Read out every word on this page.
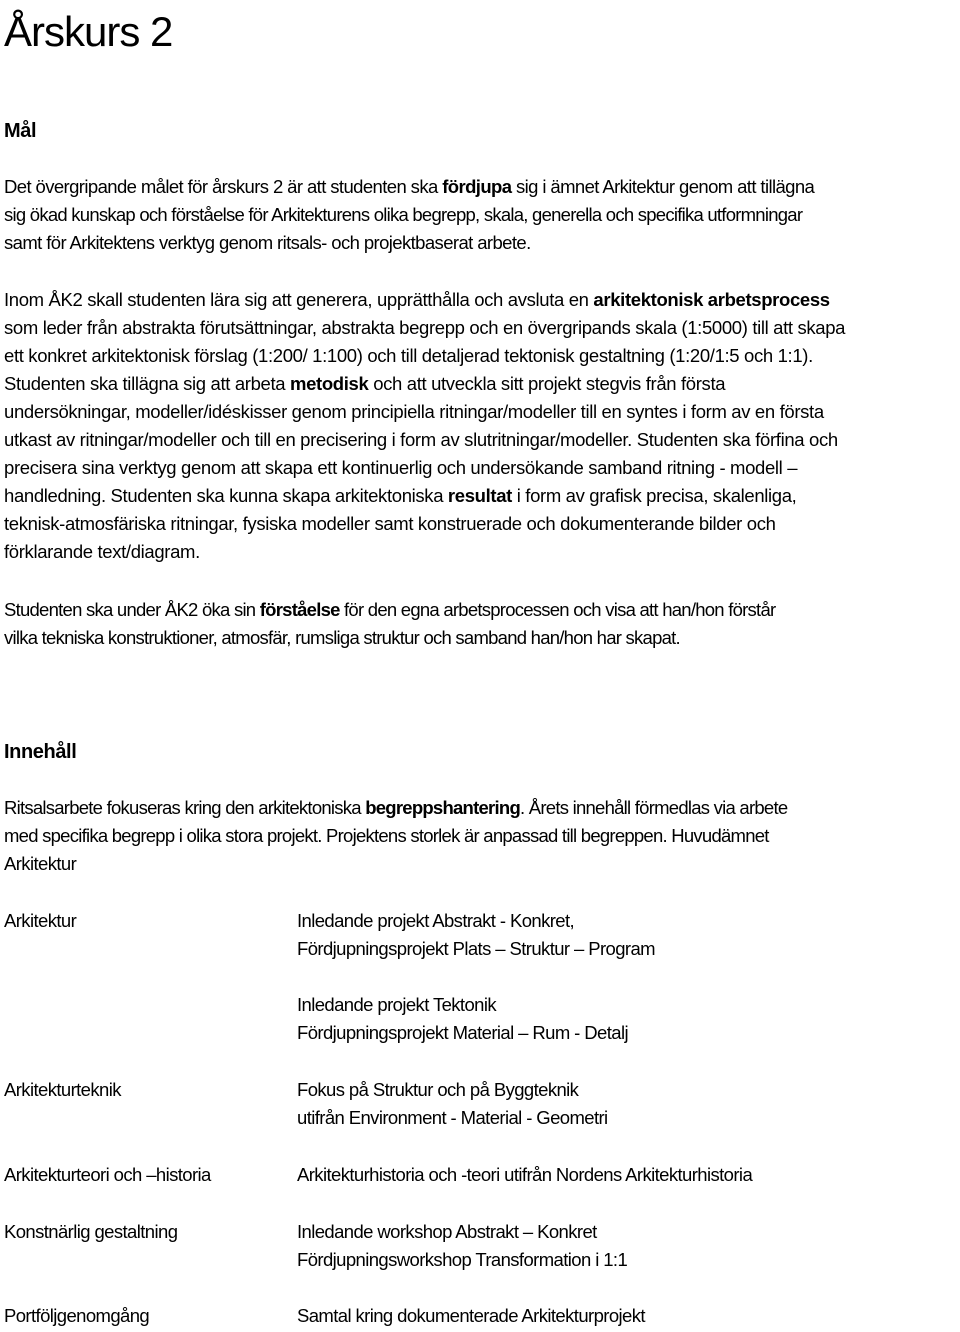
Årskurs 2
Mål

Det övergripande målet för årskurs 2 är att studenten ska fördjupa sig i ämnet Arkitektur genom att tillägna
sig ökad kunskap och förståelse för Arkitekturens olika begrepp, skala, generella och specifika utformningar
samt för Arkitektens verktyg genom ritsals- och projektbaserat arbete.

Inom ÅK2 skall studenten lära sig att generera, upprätthålla och avsluta en arkitektonisk arbetsprocess
som leder från abstrakta förutsättningar, abstrakta begrepp och en övergripands skala (1:5000) till att skapa
ett konkret arkitektonisk förslag (1:200/ 1:100) och till detaljerad tektonisk gestaltning (1:20/1:5 och 1:1).
Studenten ska tillägna sig att arbeta metodisk och att utveckla sitt projekt stegvis från första
undersökningar, modeller/idéskisser genom principiella ritningar/modeller till en syntes i form av en första
utkast av ritningar/modeller och till en precisering i form av slutritningar/modeller. Studenten ska förfina och
precisera sina verktyg genom att skapa ett kontinuerlig och undersökande samband ritning - modell –
handledning. Studenten ska kunna skapa arkitektoniska resultat i form av grafisk precisa, skalenliga,
teknisk-atmosfäriska ritningar, fysiska modeller samt konstruerade och dokumenterande bilder och
förklarande text/diagram.

Studenten ska under ÅK2 öka sin förståelse för den egna arbetsprocessen och visa att han/hon förstår
vilka tekniska konstruktioner, atmosfär, rumsliga struktur och samband han/hon har skapat.

Innehåll

Ritsalsarbete fokuseras kring den arkitektoniska begreppshantering. Årets innehåll förmedlas via arbete
med specifika begrepp i olika stora projekt. Projektens storlek är anpassad till begreppen. Huvudämnet
Arkitektur

Arkitektur	Inledande projekt Abstrakt - Konkret,
Fördjupningsprojekt Plats – Struktur – Program
Inledande projekt Tektonik
Fördjupningsprojekt Material – Rum - Detalj
Arkitekturteknik	Fokus på Struktur och på Byggteknik
utifrån Environment - Material - Geometri
Arkitekturteori och –historia	Arkitekturhistoria och -teori utifrån Nordens Arkitekturhistoria
Konstnärlig gestaltning	Inledande workshop Abstrakt – Konkret
Fördjupningsworkshop Transformation i 1:1
Portföljgenomgång	Samtal kring dokumenterade Arkitekturprojekt
